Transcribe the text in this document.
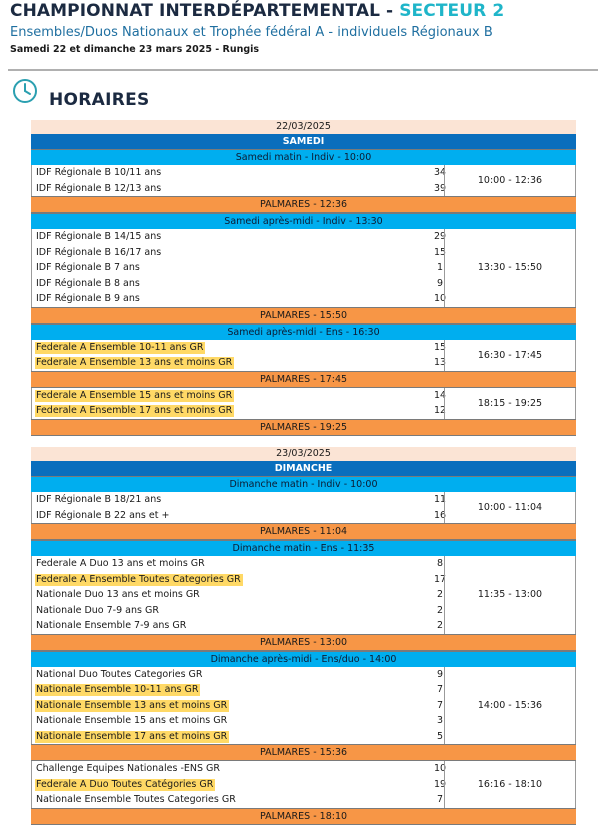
CHAMPIONNAT INTERDÉPARTEMENTAL - SECTEUR 2
Ensembles/Duos Nationaux et Trophée fédéral A - individuels Régionaux B
Samedi 22 et dimanche 23 mars 2025 - Rungis
HORAIRES
22/03/2025
SAMEDI
Samedi matin - Indiv - 10:00
IDF Régionale B 10/11 ans	34
IDF Régionale B 12/13 ans	39
10:00 - 12:36
PALMARES - 12:36
Samedi après-midi - Indiv - 13:30
IDF Régionale B 14/15 ans	29
IDF Régionale B 16/17 ans	15
IDF Régionale B 7 ans	1
IDF Régionale B 8 ans	9
IDF Régionale B 9 ans	10
13:30 - 15:50
PALMARES - 15:50
Samedi après-midi - Ens - 16:30
Federale A Ensemble 10-11 ans GR	15
Federale A Ensemble 13 ans et moins GR	13
16:30 - 17:45
PALMARES - 17:45
Federale A Ensemble 15 ans et moins GR	14
Federale A Ensemble 17 ans et moins GR	12
18:15 - 19:25
PALMARES - 19:25
23/03/2025
DIMANCHE
Dimanche matin - Indiv - 10:00
IDF Régionale B 18/21 ans	11
IDF Régionale B 22 ans et +	16
10:00 - 11:04
PALMARES - 11:04
Dimanche matin - Ens - 11:35
Federale A Duo 13 ans et moins GR	8
Federale A Ensemble Toutes Categories GR	17
Nationale Duo 13 ans et moins GR	2
Nationale Duo 7-9 ans GR	2
Nationale Ensemble 7-9 ans GR	2
11:35 - 13:00
PALMARES - 13:00
Dimanche après-midi - Ens/duo - 14:00
National Duo Toutes Categories GR	9
Nationale Ensemble 10-11 ans GR	7
Nationale Ensemble 13 ans et moins GR	7
Nationale Ensemble 15 ans et moins GR	3
Nationale Ensemble 17 ans et moins GR	5
14:00 - 15:36
PALMARES - 15:36
Challenge Equipes Nationales -ENS GR	10
Federale A Duo Toutes Catégories GR	19
Nationale Ensemble Toutes Categories GR	7
16:16 - 18:10
PALMARES - 18:10
